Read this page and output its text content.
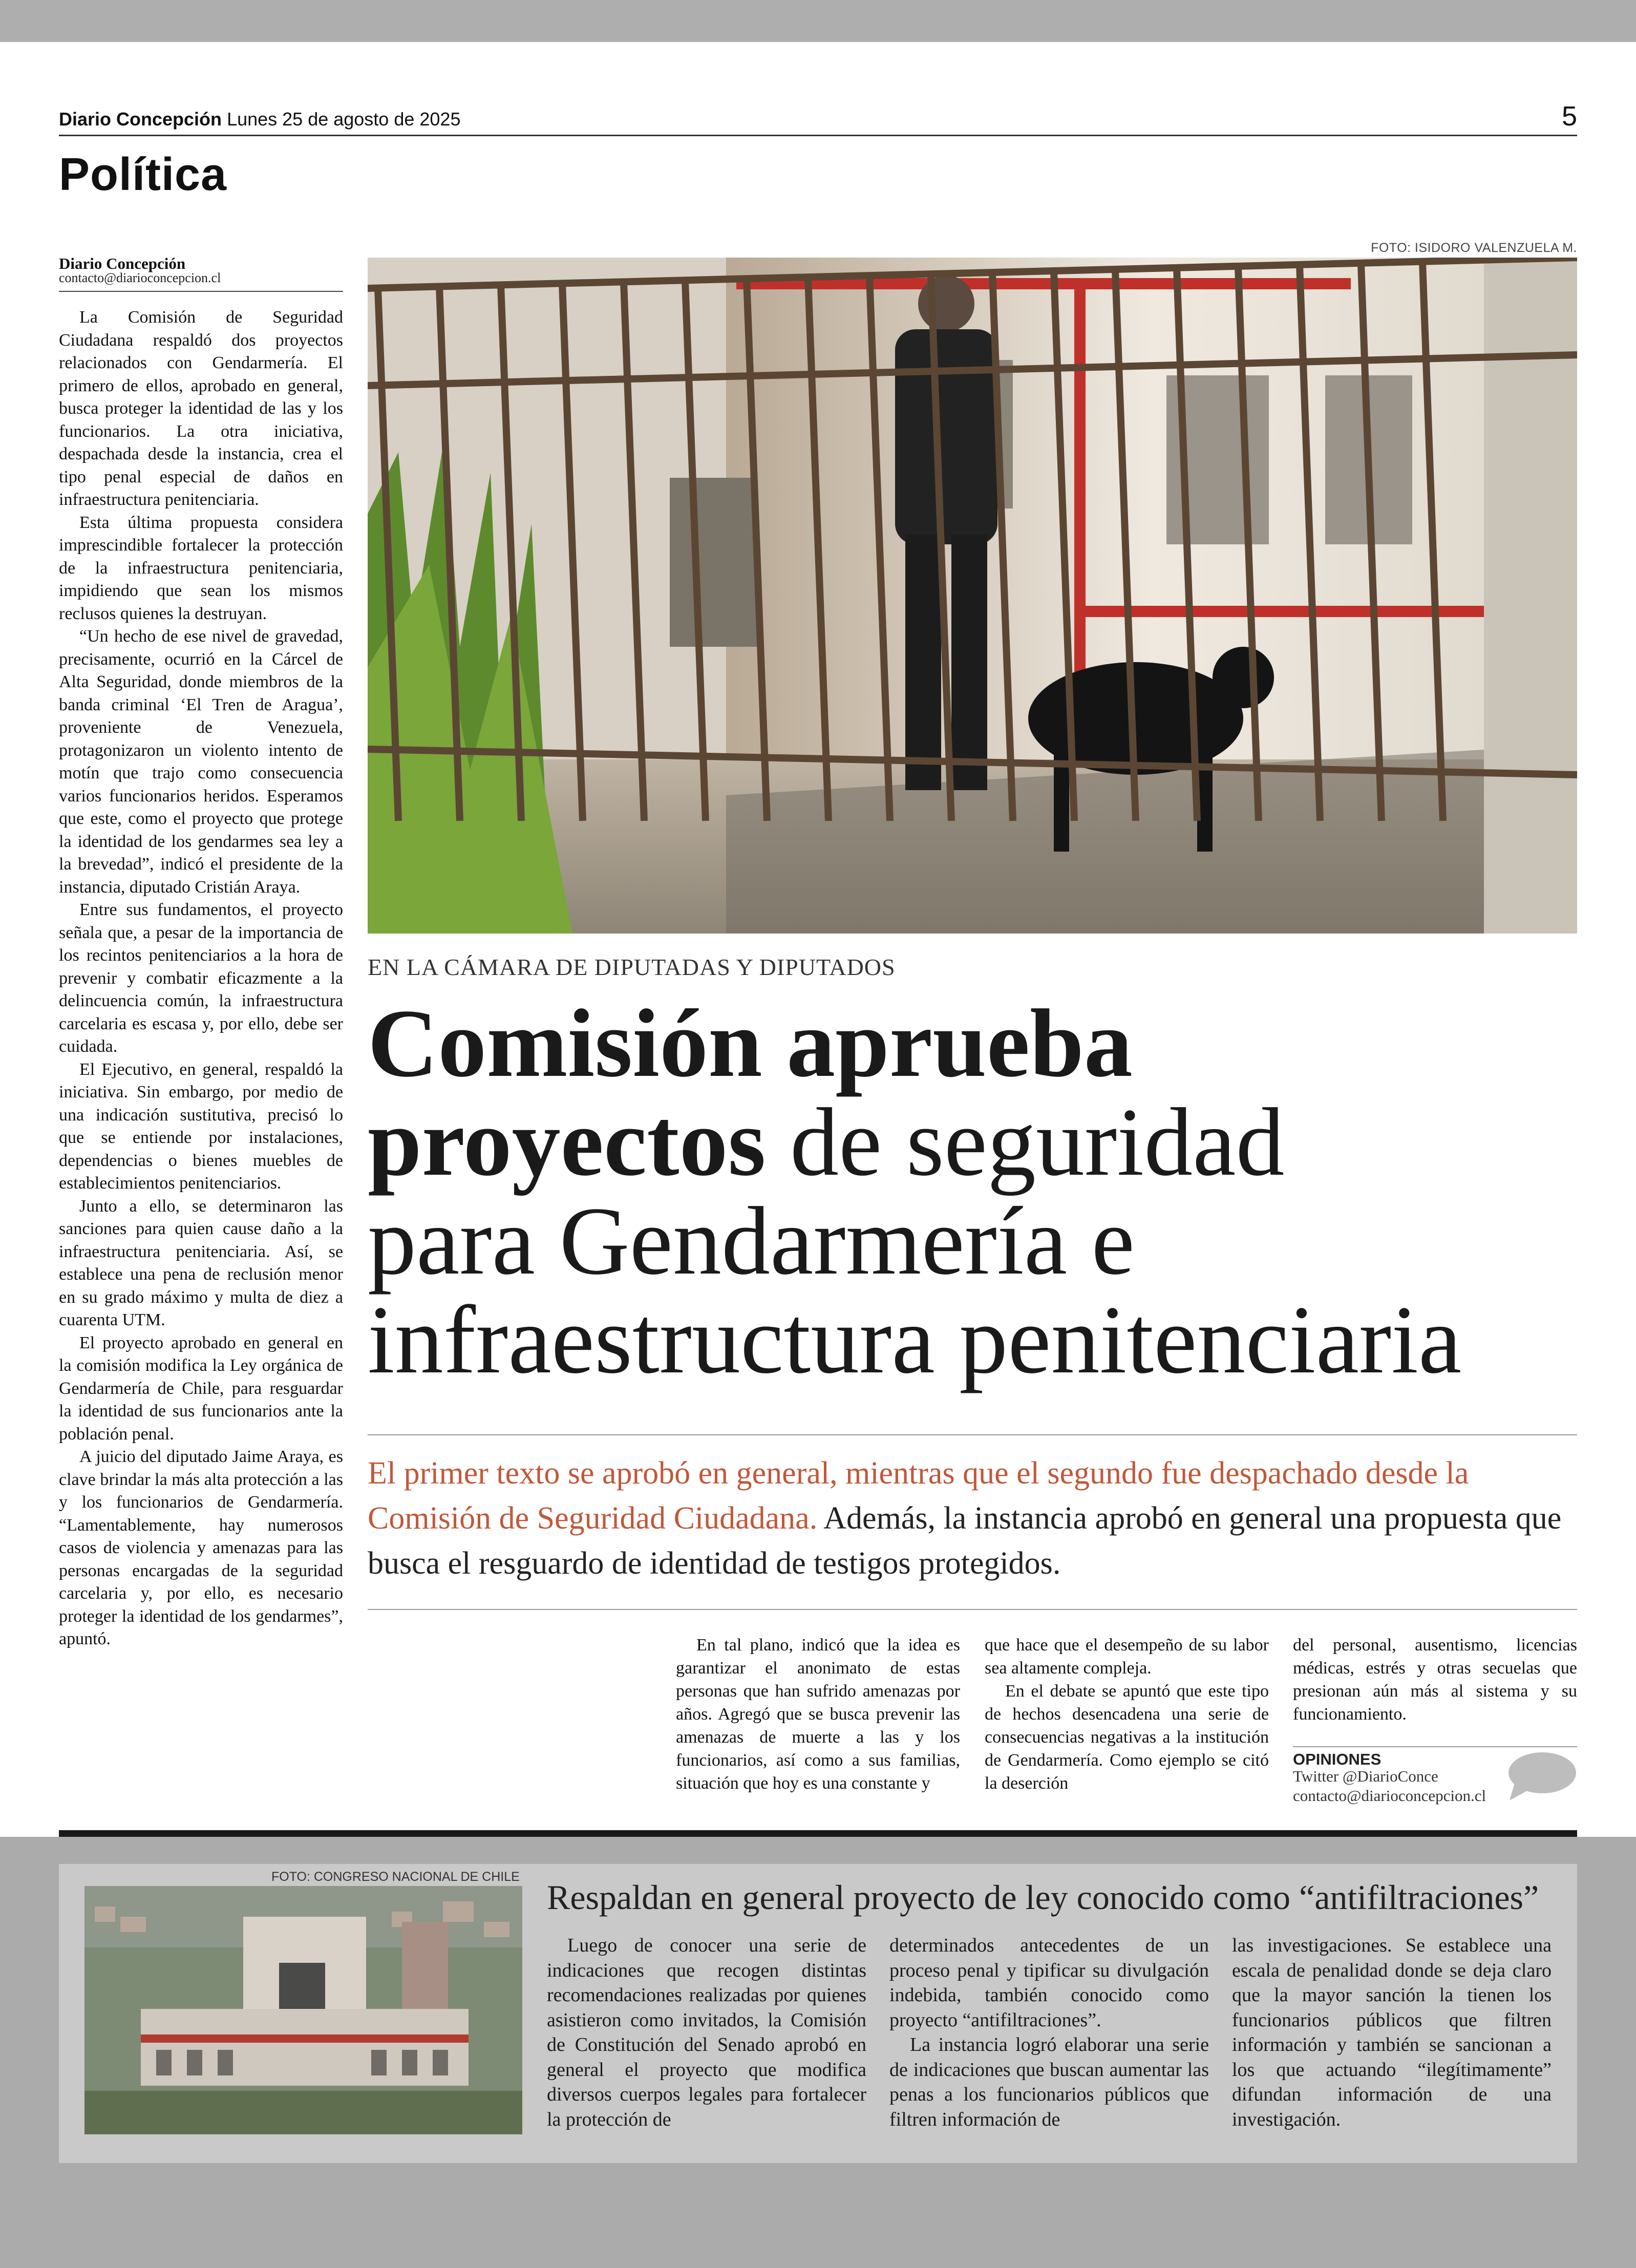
Diario Concepción Lunes 25 de agosto de 2025	5
Política
Diario Concepción
contacto@diarioconcepcion.cl

La Comisión de Seguridad Ciudadana respaldó dos proyectos relacionados con Gendarmería. El primero de ellos, aprobado en general, busca proteger la identidad de las y los funcionarios. La otra iniciativa, despachada desde la instancia, crea el tipo penal especial de daños en infraestructura penitenciaria.

Esta última propuesta considera imprescindible fortalecer la protección de la infraestructura penitenciaria, impidiendo que sean los mismos reclusos quienes la destruyan.

“Un hecho de ese nivel de gravedad, precisamente, ocurrió en la Cárcel de Alta Seguridad, donde miembros de la banda criminal ‘El Tren de Aragua’, proveniente de Venezuela, protagonizaron un violento intento de motín que trajo como consecuencia varios funcionarios heridos. Esperamos que este, como el proyecto que protege la identidad de los gendarmes sea ley a la brevedad”, indicó el presidente de la instancia, diputado Cristián Araya.

Entre sus fundamentos, el proyecto señala que, a pesar de la importancia de los recintos penitenciarios a la hora de prevenir y combatir eficazmente a la delincuencia común, la infraestructura carcelaria es escasa y, por ello, debe ser cuidada.

El Ejecutivo, en general, respaldó la iniciativa. Sin embargo, por medio de una indicación sustitutiva, precisó lo que se entiende por instalaciones, dependencias o bienes muebles de establecimientos penitenciarios.

Junto a ello, se determinaron las sanciones para quien cause daño a la infraestructura penitenciaria. Así, se establece una pena de reclusión menor en su grado máximo y multa de diez a cuarenta UTM.

El proyecto aprobado en general en la comisión modifica la Ley orgánica de Gendarmería de Chile, para resguardar la identidad de sus funcionarios ante la población penal.

A juicio del diputado Jaime Araya, es clave brindar la más alta protección a las y los funcionarios de Gendarmería. “Lamentablemente, hay numerosos casos de violencia y amenazas para las personas encargadas de la seguridad carcelaria y, por ello, es necesario proteger la identidad de los gendarmes”, apuntó.

FOTO: ISIDORO VALENZUELA M.
EN LA CÁMARA DE DIPUTADAS Y DIPUTADOS
Comisión aprueba
proyectos de seguridad
para Gendarmería e
infraestructura penitenciaria
El primer texto se aprobó en general, mientras que el segundo fue despachado desde la Comisión de Seguridad Ciudadana. Además, la instancia aprobó en general una propuesta que busca el resguardo de identidad de testigos protegidos.

En tal plano, indicó que la idea es garantizar el anonimato de estas personas que han sufrido amenazas por años. Agregó que se busca prevenir las amenazas de muerte a las y los funcionarios, así como a sus familias, situación que hoy es una constante y

que hace que el desempeño de su labor sea altamente compleja.

En el debate se apuntó que este tipo de hechos desencadena una serie de consecuencias negativas a la institución de Gendarmería. Como ejemplo se citó la deserción

del personal, ausentismo, licencias médicas, estrés y otras secuelas que presionan aún más al sistema y su funcionamiento.

OPINIONES
Twitter @DiarioConce
contacto@diarioconcepcion.cl
FOTO: CONGRESO NACIONAL DE CHILE
Respaldan en general proyecto de ley conocido como “antifiltraciones”

Luego de conocer una serie de indicaciones que recogen distintas recomendaciones realizadas por quienes asistieron como invitados, la Comisión de Constitución del Senado aprobó en general el proyecto que modifica diversos cuerpos legales para fortalecer la protección de

determinados antecedentes de un proceso penal y tipificar su divulgación indebida, también conocido como proyecto “antifiltraciones”.

La instancia logró elaborar una serie de indicaciones que buscan aumentar las penas a los funcionarios públicos que filtren información de

las investigaciones. Se establece una escala de penalidad donde se deja claro que la mayor sanción la tienen los funcionarios públicos que filtren información y también se sancionan a los que actuando “ilegítimamente” difundan información de una investigación.
